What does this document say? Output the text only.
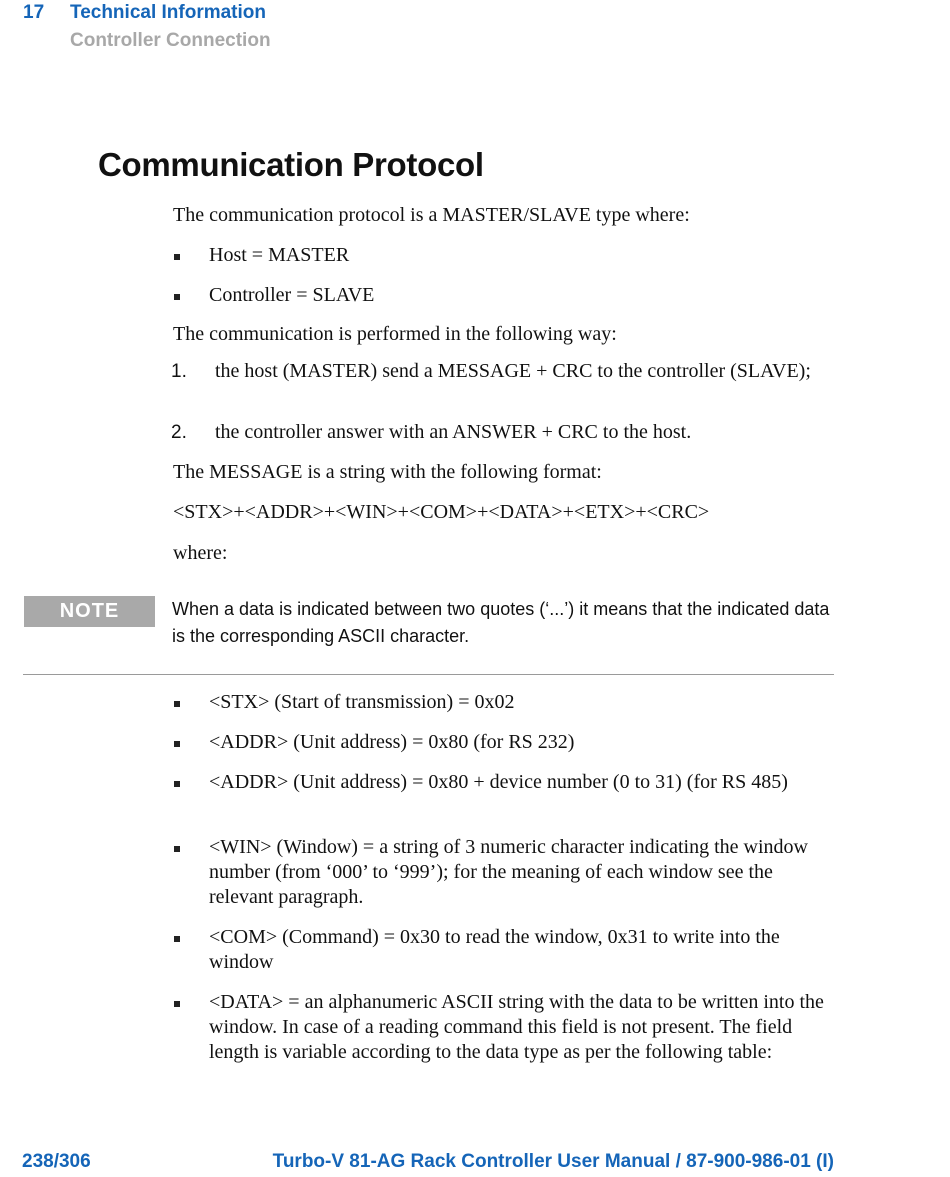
17 Technical Information
Controller Connection
Communication Protocol
The communication protocol is a MASTER/SLAVE type where:
Host = MASTER
Controller = SLAVE
The communication is performed in the following way:
1. the host (MASTER) send a MESSAGE + CRC to the controller (SLAVE);
2. the controller answer with an ANSWER + CRC to the host.
The MESSAGE is a string with the following format:
<STX>+<ADDR>+<WIN>+<COM>+<DATA>+<ETX>+<CRC>
where:
NOTE	When a data is indicated between two quotes (‘...’) it means that the indicated data is the corresponding ASCII character.
<STX> (Start of transmission) = 0x02
<ADDR> (Unit address) = 0x80 (for RS 232)
<ADDR> (Unit address) = 0x80 + device number (0 to 31) (for RS 485)
<WIN> (Window) = a string of 3 numeric character indicating the window number (from ‘000’ to ‘999’); for the meaning of each window see the relevant paragraph.
<COM> (Command) = 0x30 to read the window, 0x31 to write into the window
<DATA> = an alphanumeric ASCII string with the data to be written into the window. In case of a reading command this field is not present. The field length is variable according to the data type as per the following table:
238/306	Turbo-V 81-AG Rack Controller User Manual / 87-900-986-01 (I)
